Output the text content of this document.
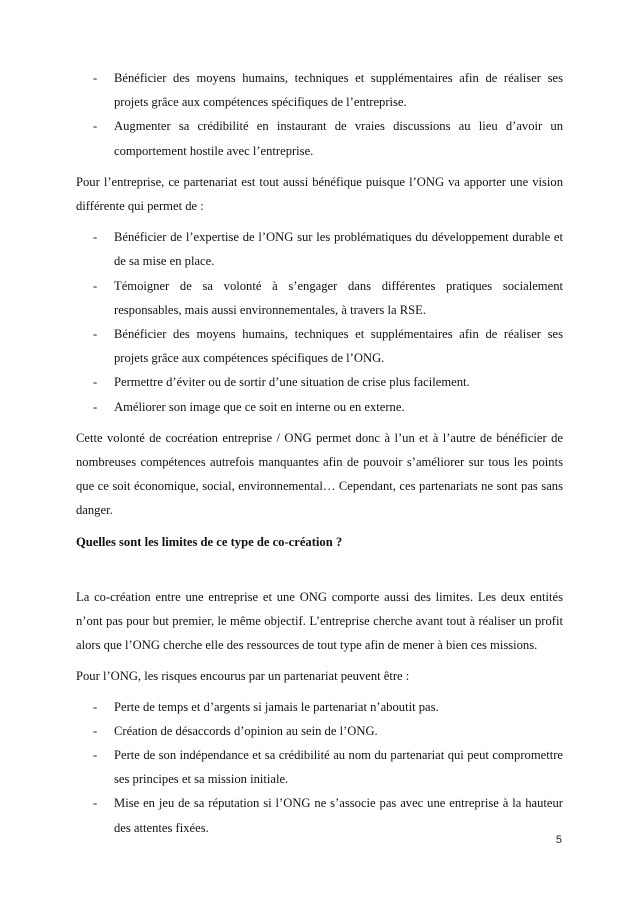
- Bénéficier des moyens humains, techniques et supplémentaires afin de réaliser ses projets grâce aux compétences spécifiques de l’entreprise.
- Augmenter sa crédibilité en instaurant de vraies discussions au lieu d’avoir un comportement hostile avec l’entreprise.

Pour l’entreprise, ce partenariat est tout aussi bénéfique puisque l’ONG va apporter une vision différente qui permet de :

- Bénéficier de l’expertise de l’ONG sur les problématiques du développement durable et de sa mise en place.
- Témoigner de sa volonté à s’engager dans différentes pratiques socialement responsables, mais aussi environnementales, à travers la RSE.
- Bénéficier des moyens humains, techniques et supplémentaires afin de réaliser ses projets grâce aux compétences spécifiques de l’ONG.
- Permettre d’éviter ou de sortir d’une situation de crise plus facilement.
- Améliorer son image que ce soit en interne ou en externe.

Cette volonté de cocréation entreprise / ONG permet donc à l’un et à l’autre de bénéficier de nombreuses compétences autrefois manquantes afin de pouvoir s’améliorer sur tous les points que ce soit économique, social, environnemental… Cependant, ces partenariats ne sont pas sans danger.

Quelles sont les limites de ce type de co-création ?

La co-création entre une entreprise et une ONG comporte aussi des limites. Les deux entités n’ont pas pour but premier, le même objectif. L’entreprise cherche avant tout à réaliser un profit alors que l’ONG cherche elle des ressources de tout type afin de mener à bien ces missions.

Pour l’ONG, les risques encourus par un partenariat peuvent être :

- Perte de temps et d’argents si jamais le partenariat n’aboutit pas.
- Création de désaccords d’opinion au sein de l’ONG.
- Perte de son indépendance et sa crédibilité au nom du partenariat qui peut compromettre ses principes et sa mission initiale.
- Mise en jeu de sa réputation si l’ONG ne s’associe pas avec une entreprise à la hauteur des attentes fixées.
5
